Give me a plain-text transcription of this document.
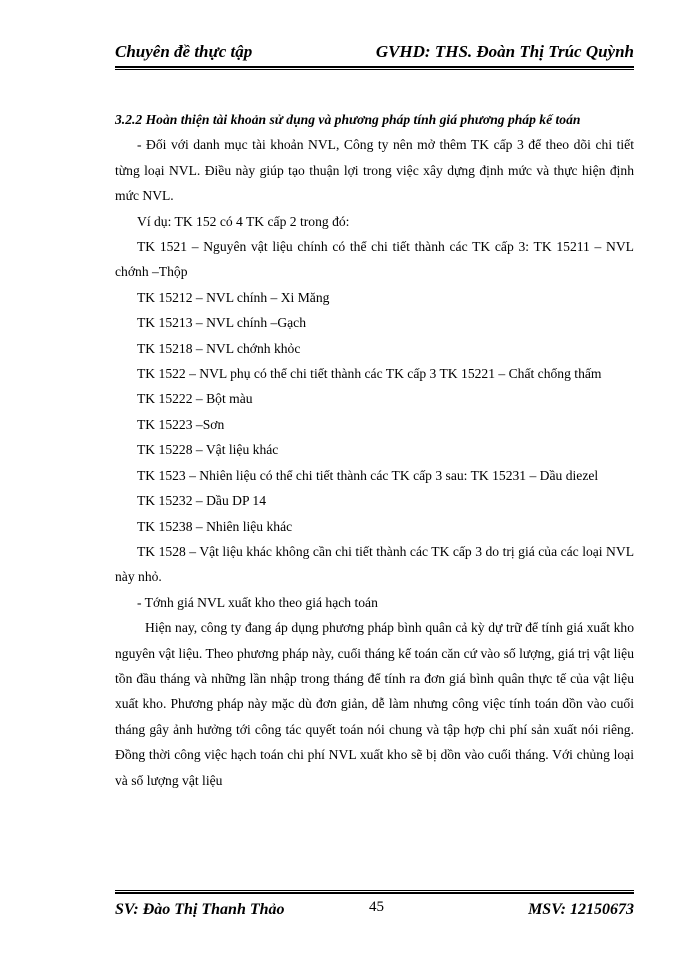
Chuyên đề thực tập	GVHD: THS. Đoàn Thị Trúc Quỳnh

3.2.2 Hoàn thiện tài khoản sử dụng và phương pháp tính giá phương pháp kế toán

- Đối với danh mục tài khoản NVL, Công ty nên mở thêm TK cấp 3 để theo dõi chi tiết từng loại NVL. Điều này giúp tạo thuận lợi trong việc xây dựng định mức và thực hiện định mức NVL.

Ví dụ: TK 152 có 4 TK cấp 2 trong đó:

TK 1521 – Nguyên vật liệu chính có thể chi tiết thành các TK cấp 3: TK 15211 – NVL chớnh –Thộp

TK 15212 – NVL chính – Xi Măng

TK 15213 – NVL chính –Gạch

TK 15218 – NVL chớnh khỏc

TK 1522 – NVL phụ có thể chi tiết thành các TK cấp 3 TK 15221 – Chất chống thấm

TK 15222 – Bột màu

TK 15223 –Sơn

TK 15228 – Vật liệu khác

TK 1523 – Nhiên liệu có thể chi tiết thành các TK cấp 3 sau: TK 15231 – Dầu diezel

TK 15232 – Dầu DP 14

TK 15238 – Nhiên liệu khác

TK 1528 – Vật liệu khác không cần chi tiết thành các TK cấp 3 do trị giá của các loại NVL này nhỏ.

- Tớnh giá NVL xuất kho theo giá hạch toán

Hiện nay, công ty đang áp dụng phương pháp bình quân cả kỳ dự trữ để tính giá xuất kho nguyên vật liệu. Theo phương pháp này, cuối tháng kế toán căn cứ vào số lượng, giá trị vật liệu tồn đầu tháng và những lần nhập trong tháng để tính ra đơn giá bình quân thực tế của vật liệu xuất kho. Phương pháp này mặc dù đơn giản, dễ làm nhưng công việc tính toán dồn vào cuối tháng gây ảnh hưởng tới công tác quyết toán nói chung và tập hợp chi phí sản xuất nói riêng. Đồng thời công việc hạch toán chi phí NVL xuất kho sẽ bị dồn vào cuối tháng. Với chủng loại và số lượng vật liệu

SV: Đào Thị Thanh Thảo	45	MSV: 12150673
